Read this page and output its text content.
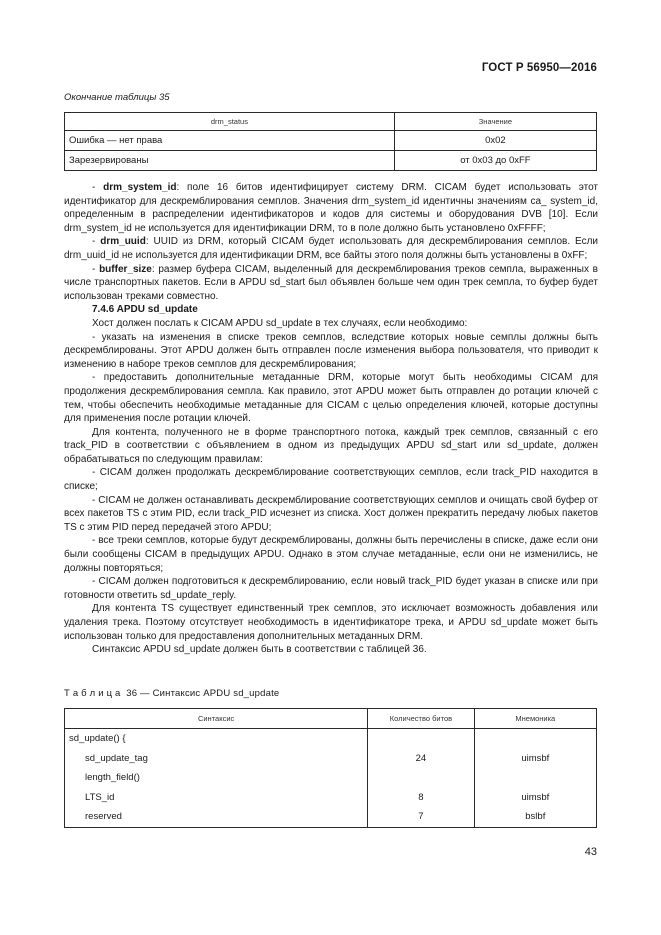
ГОСТ Р 56950—2016
Окончание таблицы 35
drm_status	Значение
Ошибка — нет права	0x02
Зарезервированы	от 0x03 до 0xFF

- drm_system_id: поле 16 битов идентифицирует систему DRM. CICAM будет использовать этот идентификатор для дескремблирования семплов. Значения drm_system_id идентичны значениям ca_ system_id, определенным в распределении идентификаторов и кодов для системы и оборудования DVB [10]. Если drm_system_id не используется для идентификации DRM, то в поле должно быть установлено 0xFFFF;

- drm_uuid: UUID из DRM, который CICAM будет использовать для дескремблирования семплов. Если drm_uuid_id не используется для идентификации DRM, все байты этого поля должны быть установлены в 0xFF;

- buffer_size: размер буфера CICAM, выделенный для дескремблирования треков семпла, выраженных в числе транспортных пакетов. Если в APDU sd_start был объявлен больше чем один трек семпла, то буфер будет использован треками совместно.

7.4.6 APDU sd_update

Хост должен послать к CICAM APDU sd_update в тех случаях, если необходимо:

- указать на изменения в списке треков семплов, вследствие которых новые семплы должны быть дескремблированы. Этот APDU должен быть отправлен после изменения выбора пользователя, что приводит к изменению в наборе треков семплов для дескремблирования;

- предоставить дополнительные метаданные DRM, которые могут быть необходимы CICAM для продолжения дескремблирования семпла. Как правило, этот APDU может быть отправлен до ротации ключей с тем, чтобы обеспечить необходимые метаданные для CICAM с целью определения ключей, которые доступны для применения после ротации ключей.

Для контента, полученного не в форме транспортного потока, каждый трек семплов, связанный с его track_PID в соответствии с объявлением в одном из предыдущих APDU sd_start или sd_update, должен обрабатываться по следующим правилам:

- CICAM должен продолжать дескремблирование соответствующих семплов, если track_PID находится в списке;

- CICAM не должен останавливать дескремблирование соответствующих семплов и очищать свой буфер от всех пакетов TS с этим PID, если track_PID исчезнет из списка. Хост должен прекратить передачу любых пакетов TS с этим PID перед передачей этого APDU;

- все треки семплов, которые будут дескремблированы, должны быть перечислены в списке, даже если они были сообщены CICAM в предыдущих APDU. Однако в этом случае метаданные, если они не изменились, не должны повторяться;

- CICAM должен подготовиться к дескремблированию, если новый track_PID будет указан в списке или при готовности ответить sd_update_reply.

Для контента TS существует единственный трек семплов, это исключает возможность добавления или удаления трека. Поэтому отсутствует необходимость в идентификаторе трека, и APDU sd_update может быть использован только для предоставления дополнительных метаданных DRM.

Синтаксис APDU sd_update должен быть в соответствии с таблицей 36.

Т а б л и ц а  36 — Синтаксис APDU sd_update
Синтаксис	Количество битов	Мнемоника
sd_update() {		
sd_update_tag	24	uimsbf
length_field()		
LTS_id	8	uimsbf
reserved	7	bslbf
43
